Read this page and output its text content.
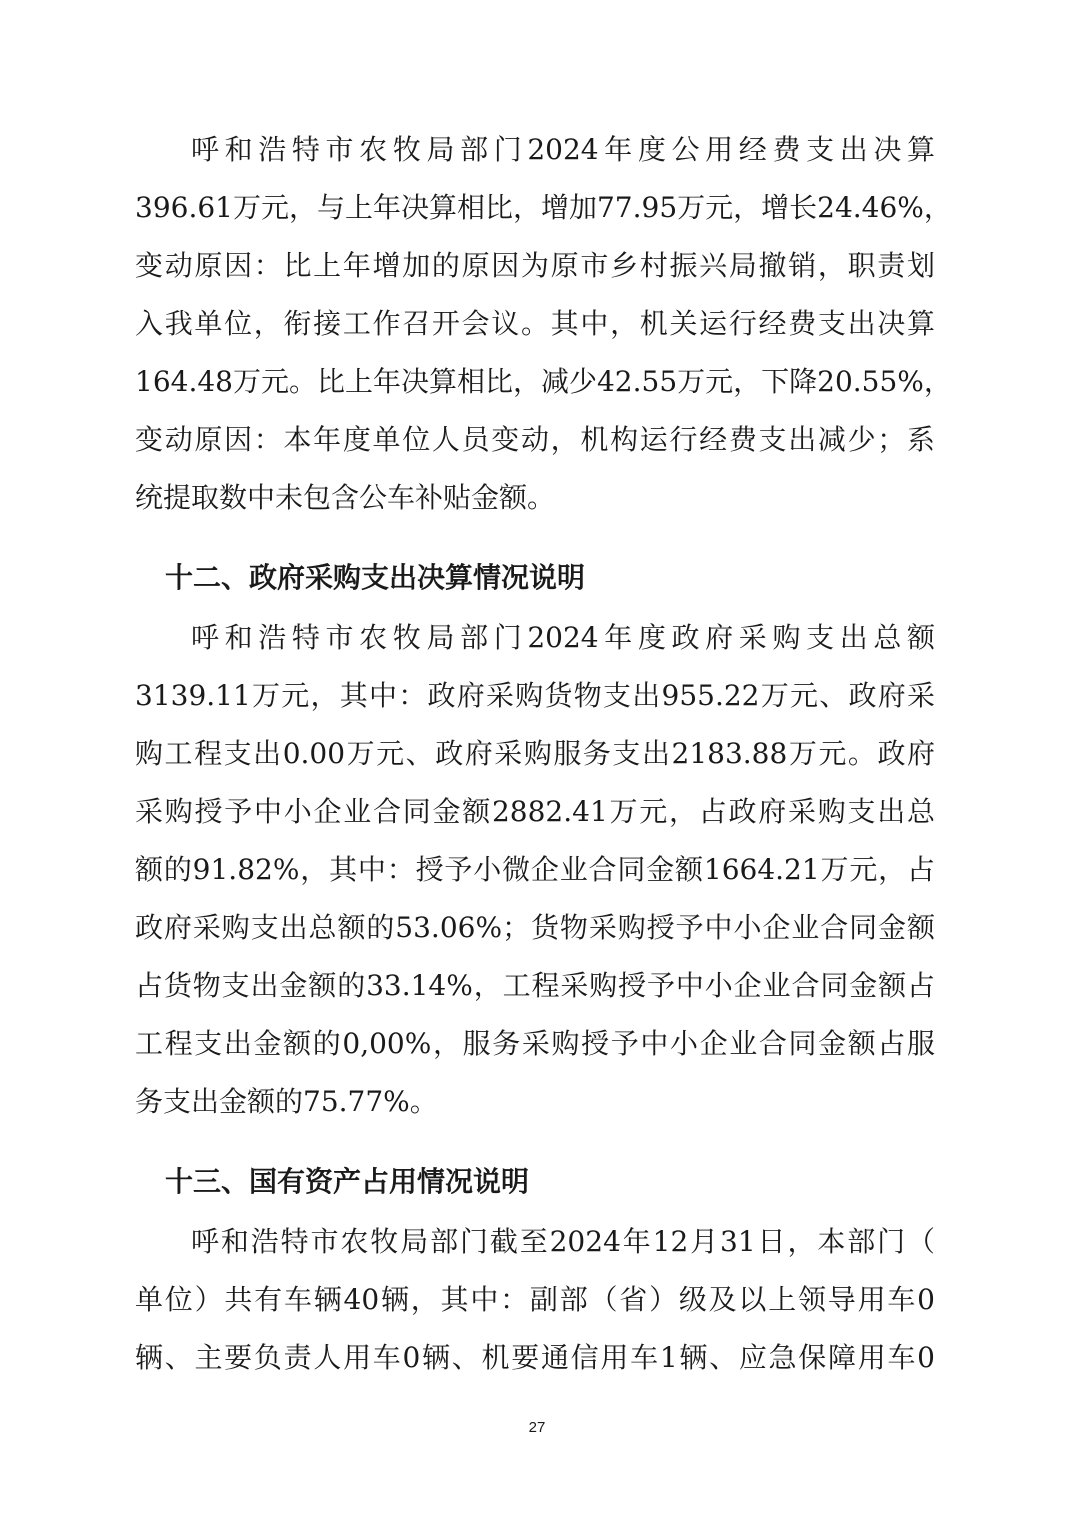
呼和浩特市农牧局部门2024年度公用经费支出决算
396.61万元，与上年决算相比，增加77.95万元，增长24.46%，
变动原因：比上年增加的原因为原市乡村振兴局撤销，职责划
入我单位，衔接工作召开会议。其中，机关运行经费支出决算
164.48万元。比上年决算相比，减少42.55万元，下降20.55%，
变动原因：本年度单位人员变动，机构运行经费支出减少；系
统提取数中未包含公车补贴金额。
十二、政府采购支出决算情况说明
呼和浩特市农牧局部门2024年度政府采购支出总额
3139.11万元，其中：政府采购货物支出955.22万元、政府采
购工程支出0.00万元、政府采购服务支出2183.88万元。政府
采购授予中小企业合同金额2882.41万元，占政府采购支出总
额的91.82%，其中：授予小微企业合同金额1664.21万元，占
政府采购支出总额的53.06%；货物采购授予中小企业合同金额
占货物支出金额的33.14%，工程采购授予中小企业合同金额占
工程支出金额的0,00%，服务采购授予中小企业合同金额占服
务支出金额的75.77%。
十三、国有资产占用情况说明
呼和浩特市农牧局部门截至2024年12月31日，本部门（
单位）共有车辆40辆，其中：副部（省）级及以上领导用车0
辆、主要负责人用车0辆、机要通信用车1辆、应急保障用车0
27
